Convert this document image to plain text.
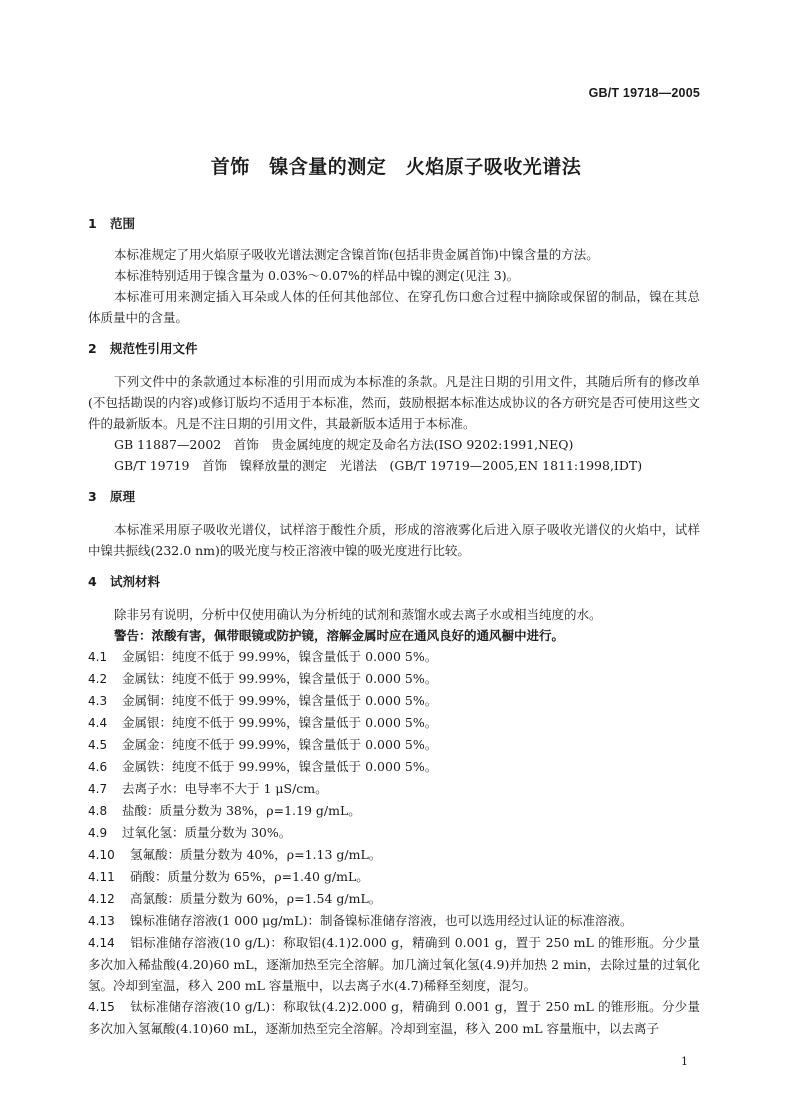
GB/T 19718—2005
首饰　镍含量的测定　火焰原子吸收光谱法
1	范围

本标准规定了用火焰原子吸收光谱法测定含镍首饰(包括非贵金属首饰)中镍含量的方法。

本标准特别适用于镍含量为 0.03%～0.07%的样品中镍的测定(见注 3)。

本标准可用来测定插入耳朵或人体的任何其他部位、在穿孔伤口愈合过程中摘除或保留的制品，镍在其总体质量中的含量。

2	规范性引用文件

下列文件中的条款通过本标准的引用而成为本标准的条款。凡是注日期的引用文件，其随后所有的修改单(不包括勘误的内容)或修订版均不适用于本标准，然而，鼓励根据本标准达成协议的各方研究是否可使用这些文件的最新版本。凡是不注日期的引用文件，其最新版本适用于本标准。

GB 11887—2002　首饰　贵金属纯度的规定及命名方法(ISO 9202:1991,NEQ)

GB/T 19719　首饰　镍释放量的测定　光谱法　(GB/T 19719—2005,EN 1811:1998,IDT)

3	原理

本标准采用原子吸收光谱仪，试样溶于酸性介质，形成的溶液雾化后进入原子吸收光谱仪的火焰中，试样中镍共振线(232.0 nm)的吸光度与校正溶液中镍的吸光度进行比较。

4	试剂材料

除非另有说明，分析中仅使用确认为分析纯的试剂和蒸馏水或去离子水或相当纯度的水。

警告：浓酸有害，佩带眼镜或防护镜，溶解金属时应在通风良好的通风橱中进行。

4.1 金属铝：纯度不低于 99.99%，镍含量低于 0.000 5%。

4.2 金属钛：纯度不低于 99.99%，镍含量低于 0.000 5%。

4.3 金属铜：纯度不低于 99.99%，镍含量低于 0.000 5%。

4.4 金属银：纯度不低于 99.99%，镍含量低于 0.000 5%。

4.5 金属金：纯度不低于 99.99%，镍含量低于 0.000 5%。

4.6 金属铁：纯度不低于 99.99%，镍含量低于 0.000 5%。

4.7 去离子水：电导率不大于 1 μS/cm。

4.8 盐酸：质量分数为 38%，ρ=1.19 g/mL。

4.9 过氧化氢：质量分数为 30%。

4.10 氢氟酸：质量分数为 40%，ρ=1.13 g/mL。

4.11 硝酸：质量分数为 65%，ρ=1.40 g/mL。

4.12 高氯酸：质量分数为 60%，ρ=1.54 g/mL。

4.13 镍标准储存溶液(1 000 μg/mL)：制备镍标准储存溶液，也可以选用经过认证的标准溶液。

4.14 铝标准储存溶液(10 g/L)：称取铝(4.1)2.000 g，精确到 0.001 g，置于 250 mL 的锥形瓶。分少量多次加入稀盐酸(4.20)60 mL，逐渐加热至完全溶解。加几滴过氧化氢(4.9)并加热 2 min，去除过量的过氧化氢。冷却到室温，移入 200 mL 容量瓶中，以去离子水(4.7)稀释至刻度，混匀。

4.15 钛标准储存溶液(10 g/L)：称取钛(4.2)2.000 g，精确到 0.001 g，置于 250 mL 的锥形瓶。分少量多次加入氢氟酸(4.10)60 mL，逐渐加热至完全溶解。冷却到室温，移入 200 mL 容量瓶中，以去离子

1
